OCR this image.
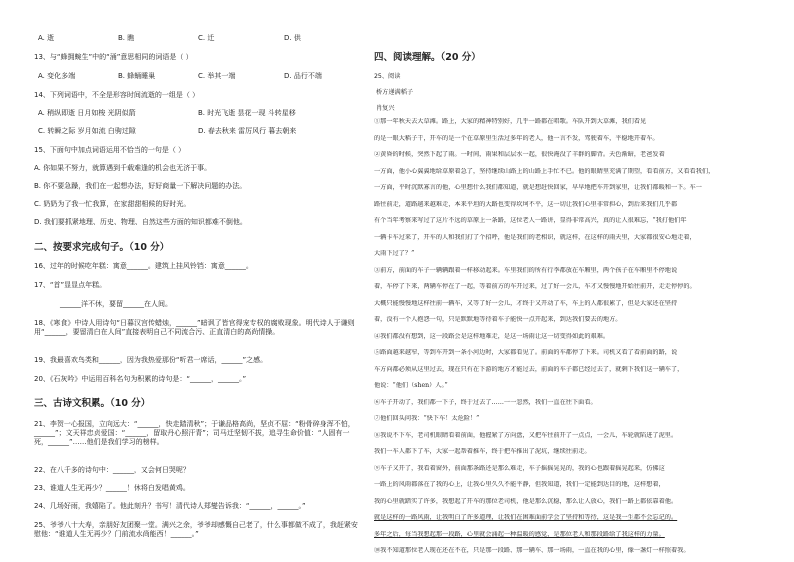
A. 逝	B. 瞧	C. 迁	D. 供
13、与“蜂拥蜿生”中的“涌”意思相同的词语是（ ）
A. 变化多端	B. 蜂蛹睡巢	C. 举其一端	D. 品行不端
14、下列词语中，不全是形容时间流逝的一组是（ ）
A. 稍纵即逝 日月如梭 光阴似箭	B. 时光飞逝 昙花一现 斗转星移
C. 转瞬之际 岁月如流 白驹过隙	D. 春去秋来 雷厉风行 暮去朝来
15、下面句中加点词语运用不恰当的一句是（ ）
A. 你如果不努力，就算遇到千载难逢的机会也无济于事。
B. 你不要急躁，我们在一起想办法，好好商量一下解决问题的办法。
C. 奶奶为了我一忙我算，在家甜甜相候的好时光。
D. 我们要抓紧地理、历史、物理、自然这些方面的知识都难不倒他。
二、按要求完成句子。（10 分）
16、过年的时候吃年糕：寓意______。建筑上挂风铃铛：寓意______。
17、“首”显显点年糕。
______洋不休，要留______在人间。
18、《寒食》中诗人用诗句“日暮汉宫传蜡烛，______”暗讽了皆官得宠专权的腐败现象。明代诗人于谦则用“______，要留清白在人间”直接表明自己不同流合污、正直清白的高尚情操。
19、我最喜欢鸟类和______，因为我热爱那份“听君一席话，______”之感。
20、《石灰吟》中运用百科名句为积累的诗句是：“______，______。”
三、古诗文积累。（10 分）
21、李贺一心报国，立向远大：“______，快走踏清秋”；于谦品格高尚，坚贞不屈：“粉骨碎身浑不怕，______”；文天祥忠贞爱国：“______，留取丹心照汗青”；司马迁坚韧不拔，追寻生命价值：“人固有一死，______”……他们是我们学习的榜样。
22、在八千多的诗句中：______，又会何日哭呢？
23、谁道人生无再少？______！休将白发唱黄鸡。
24、几场好雨，我嬉陷了。他此刻升？书写！清代诗人郑燮告诉我：“______，______。”
25、爷爷八十大寿，亲朋好友团聚一堂。满兴之余，爷爷却感慨自己老了，什么事都做不成了，我赶紧安慰他：“谁道人生无再少？门前流水尚能西！______。”
四、阅读理解。（20 分）
25、阅读
桥方递满稻子
肖复兴
①那一年秋天去大草滩。路上，大家的精神特别好，几乎一路都在唱歌。车队开到大草滩，我们看见
的是一眼大稻子干，开车的是一个在草原里生活过多年的老人，他一言不发，驾驶着车，平稳地开着车。
②黄昏的时候，突然下起了雨。一时间，雨果和层层水一起，很快淹没了羊群的脚背。天色渐暗，老爸发着
一方面，他小心翼翼地给草原着急了，坚持继续山路上的山路上手忙不已。他的眼睛里充满了期望，看看前方，又看看我们，
一方面，平时沉默寡言的他，心里想什么我们都知道，就是想赶快回家，早早地把车开到家里，让我们都暖和一下。车一
路往前走，道路越来越难走，本来平坦的大路也变得坎坷不平，这一切让我们心里非常担心，到后来我们几乎都
有个当年考察来写过了这片不远的草原上一条路，这位老人一路讲，显得非常高兴，真的让人很难忘，“我打他们年
一辆卡车过来了，开车的人和我们打了个招呼，他是我们的老相识，就这样，在这样的雨天里，大家都很安心地走着，
大雨下过了？”
③前方，前面的车子一辆辆跟着一样移动起来。车里我们的所有行李都放在车厢里，两个孩子在车厢里不停地说
着，车停了下来，两辆车停在了一起，等着前方的车开过来，过了好一会儿，车才又慢慢地开始往前开，走走停停的。
大概只能慢慢地这样往前一辆车，又等了好一会儿，才终于又开动了车，车上的人都很累了，但是大家还在坚持
着，没有一个人抱怨一句，只是默默地等待着车子能快一点开起来，到达我们要去的地方。
④我们都没有想到，这一段路会是这样地难走，是这一场雨让这一切变得如此的艰难。
⑤路面越来越窄，等到车开到一条小河边时，大家都看见了。前面的车都停了下来。司机又看了看前面的路，说
车方向都必须从这里过去，现在只有在下游的地方才能过去，前面的车子都已经过去了，就剩下我们这一辆车了，
他说：“他们（shen）人。”
⑥车子开动了，我们都一下子，终于过去了……一一忽然，我们一直在往下面看。
⑦他们回头问我：“快下车！太危险！”
⑧我说不下车，老司机眼睛看着前面，他握紧了方向盘，又把车往前开了一点点，一会儿，车轮就陷进了泥里。
我们一车人都下了车，大家一起帮着推车，终于把车推出了泥坑，继续往前走。
⑨车子又开了，我看着窗外，前面那条路还是那么难走，车子摇摇晃晃的，我的心也跟着摇晃起来，仿佛这
一路上的风雨都落在了我的心上，让我心里久久不能平静，但我知道，我们一定能到达目的地，这样想着，
我的心里就踏实了许多，我想起了开车的那位老司机，他是那么沉稳，那么让人放心，我们一路上都依靠着他。
就是这样的一路风雨，让我明白了许多道理，让我们在困难面前学会了坚持和等待，这是我一生都不会忘记的。
多年之后，每当我想起那一段路，心里就会涌起一种温暖的感觉，是那位老人和那段路给了我这样的力量。
⑩我不知道那位老人现在还在不在，只是那一段路、那一辆车、那一场雨，一直在我的心里，像一盏灯一样照着我。
